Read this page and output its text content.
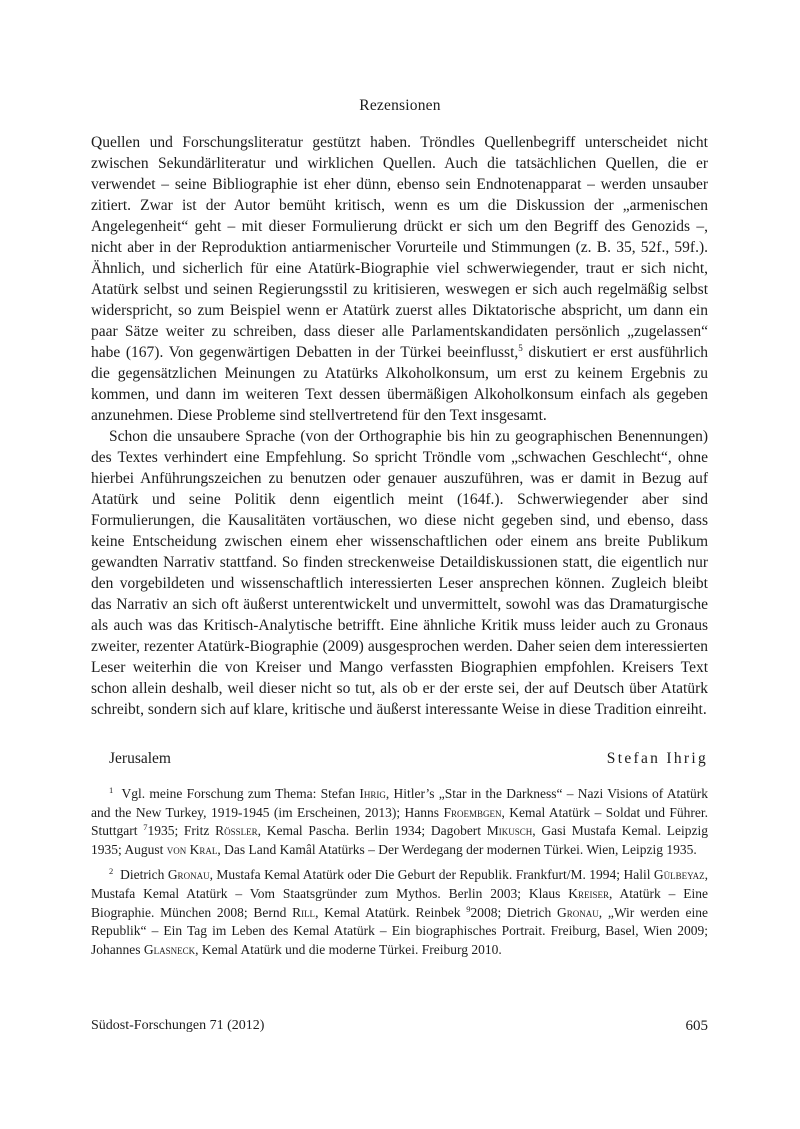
Rezensionen

Quellen und Forschungsliteratur gestützt haben. Tröndles Quellenbegriff unterscheidet nicht zwischen Sekundärliteratur und wirklichen Quellen. Auch die tatsächlichen Quellen, die er verwendet – seine Bibliographie ist eher dünn, ebenso sein Endnotenapparat – werden unsauber zitiert. Zwar ist der Autor bemüht kritisch, wenn es um die Diskussion der „armenischen Angelegenheit“ geht – mit dieser Formulierung drückt er sich um den Begriff des Genozids –, nicht aber in der Reproduktion antiarmenischer Vorurteile und Stimmungen (z. B. 35, 52f., 59f.). Ähnlich, und sicherlich für eine Atatürk-Biographie viel schwerwiegender, traut er sich nicht, Atatürk selbst und seinen Regierungsstil zu kritisieren, weswegen er sich auch regelmäßig selbst widerspricht, so zum Beispiel wenn er Atatürk zuerst alles Diktatorische abspricht, um dann ein paar Sätze weiter zu schreiben, dass dieser alle Parlamentskandidaten persönlich „zugelassen“ habe (167). Von gegenwärtigen Debatten in der Türkei beeinflusst,$^5$ diskutiert er erst ausführlich die gegensätzlichen Meinungen zu Atatürks Alkoholkonsum, um erst zu keinem Ergebnis zu kommen, und dann im weiteren Text dessen übermäßigen Alkoholkonsum einfach als gegeben anzunehmen. Diese Probleme sind stellvertretend für den Text insgesamt.

Schon die unsaubere Sprache (von der Orthographie bis hin zu geographischen Benennungen) des Textes verhindert eine Empfehlung. So spricht Tröndle vom „schwachen Geschlecht“, ohne hierbei Anführungszeichen zu benutzen oder genauer auszuführen, was er damit in Bezug auf Atatürk und seine Politik denn eigentlich meint (164f.). Schwerwiegender aber sind Formulierungen, die Kausalitäten vortäuschen, wo diese nicht gegeben sind, und ebenso, dass keine Entscheidung zwischen einem eher wissenschaftlichen oder einem ans breite Publikum gewandten Narrativ stattfand. So finden streckenweise Detaildiskussionen statt, die eigentlich nur den vorgebildeten und wissenschaftlich interessierten Leser ansprechen können. Zugleich bleibt das Narrativ an sich oft äußerst unterentwickelt und unvermittelt, sowohl was das Dramaturgische als auch was das Kritisch-Analytische betrifft. Eine ähnliche Kritik muss leider auch zu Gronaus zweiter, rezenter Atatürk-Biographie (2009) ausgesprochen werden. Daher seien dem interessierten Leser weiterhin die von Kreiser und Mango verfassten Biographien empfohlen. Kreisers Text schon allein deshalb, weil dieser nicht so tut, als ob er der erste sei, der auf Deutsch über Atatürk schreibt, sondern sich auf klare, kritische und äußerst interessante Weise in diese Tradition einreiht.

Jerusalem	Stefan Ihrig

$^1$ Vgl. meine Forschung zum Thema: Stefan Ihrig, Hitler’s „Star in the Darkness“ – Nazi Visions of Atatürk and the New Turkey, 1919-1945 (im Erscheinen, 2013); Hanns Froembgen, Kemal Atatürk – Soldat und Führer. Stuttgart $^7$1935; Fritz Rössler, Kemal Pascha. Berlin 1934; Dagobert Mikusch, Gasi Mustafa Kemal. Leipzig 1935; August von Kral, Das Land Kamâl Atatürks – Der Werdegang der modernen Türkei. Wien, Leipzig 1935.

$^2$ Dietrich Gronau, Mustafa Kemal Atatürk oder Die Geburt der Republik. Frankfurt/M. 1994; Halil Gülbeyaz, Mustafa Kemal Atatürk – Vom Staatsgründer zum Mythos. Berlin 2003; Klaus Kreiser, Atatürk – Eine Biographie. München 2008; Bernd Rill, Kemal Atatürk. Reinbek $^9$2008; Dietrich Gronau, „Wir werden eine Republik“ – Ein Tag im Leben des Kemal Atatürk – Ein biographisches Portrait. Freiburg, Basel, Wien 2009; Johannes Glasneck, Kemal Atatürk und die moderne Türkei. Freiburg 2010.

Südost-Forschungen 71 (2012)	605
